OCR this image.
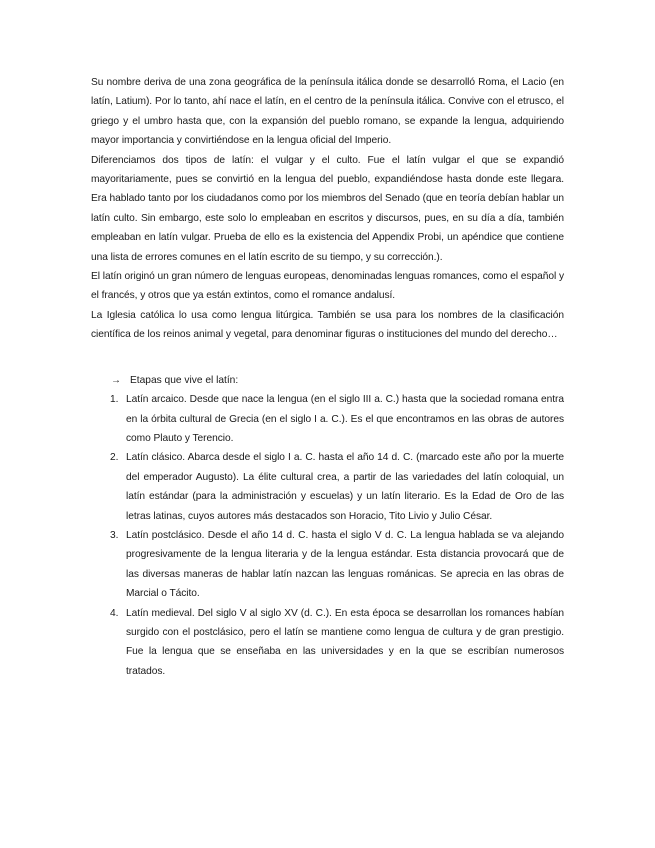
Su nombre deriva de una zona geográfica de la península itálica donde se desarrolló Roma, el Lacio (en latín, Latium). Por lo tanto, ahí nace el latín, en el centro de la península itálica. Convive con el etrusco, el griego y el umbro hasta que, con la expansión del pueblo romano, se expande la lengua, adquiriendo mayor importancia y convirtiéndose en la lengua oficial del Imperio.

Diferenciamos dos tipos de latín: el vulgar y el culto. Fue el latín vulgar el que se expandió mayoritariamente, pues se convirtió en la lengua del pueblo, expandiéndose hasta donde este llegara. Era hablado tanto por los ciudadanos como por los miembros del Senado (que en teoría debían hablar un latín culto. Sin embargo, este solo lo empleaban en escritos y discursos, pues, en su día a día, también empleaban en latín vulgar. Prueba de ello es la existencia del Appendix Probi, un apéndice que contiene una lista de errores comunes en el latín escrito de su tiempo, y su corrección.).

El latín originó un gran número de lenguas europeas, denominadas lenguas romances, como el español y el francés, y otros que ya están extintos, como el romance andalusí.

La Iglesia católica lo usa como lengua litúrgica. También se usa para los nombres de la clasificación científica de los reinos animal y vegetal, para denominar figuras o instituciones del mundo del derecho…

→ Etapas que vive el latín:
1. Latín arcaico. Desde que nace la lengua (en el siglo III a. C.) hasta que la sociedad romana entra en la órbita cultural de Grecia (en el siglo I a. C.). Es el que encontramos en las obras de autores como Plauto y Terencio.
2. Latín clásico. Abarca desde el siglo I a. C. hasta el año 14 d. C. (marcado este año por la muerte del emperador Augusto). La élite cultural crea, a partir de las variedades del latín coloquial, un latín estándar (para la administración y escuelas) y un latín literario. Es la Edad de Oro de las letras latinas, cuyos autores más destacados son Horacio, Tito Livio y Julio César.
3. Latín postclásico. Desde el año 14 d. C. hasta el siglo V d. C. La lengua hablada se va alejando progresivamente de la lengua literaria y de la lengua estándar. Esta distancia provocará que de las diversas maneras de hablar latín nazcan las lenguas románicas. Se aprecia en las obras de Marcial o Tácito.
4. Latín medieval. Del siglo V al siglo XV (d. C.). En esta época se desarrollan los romances habían surgido con el postclásico, pero el latín se mantiene como lengua de cultura y de gran prestigio. Fue la lengua que se enseñaba en las universidades y en la que se escribían numerosos tratados.
